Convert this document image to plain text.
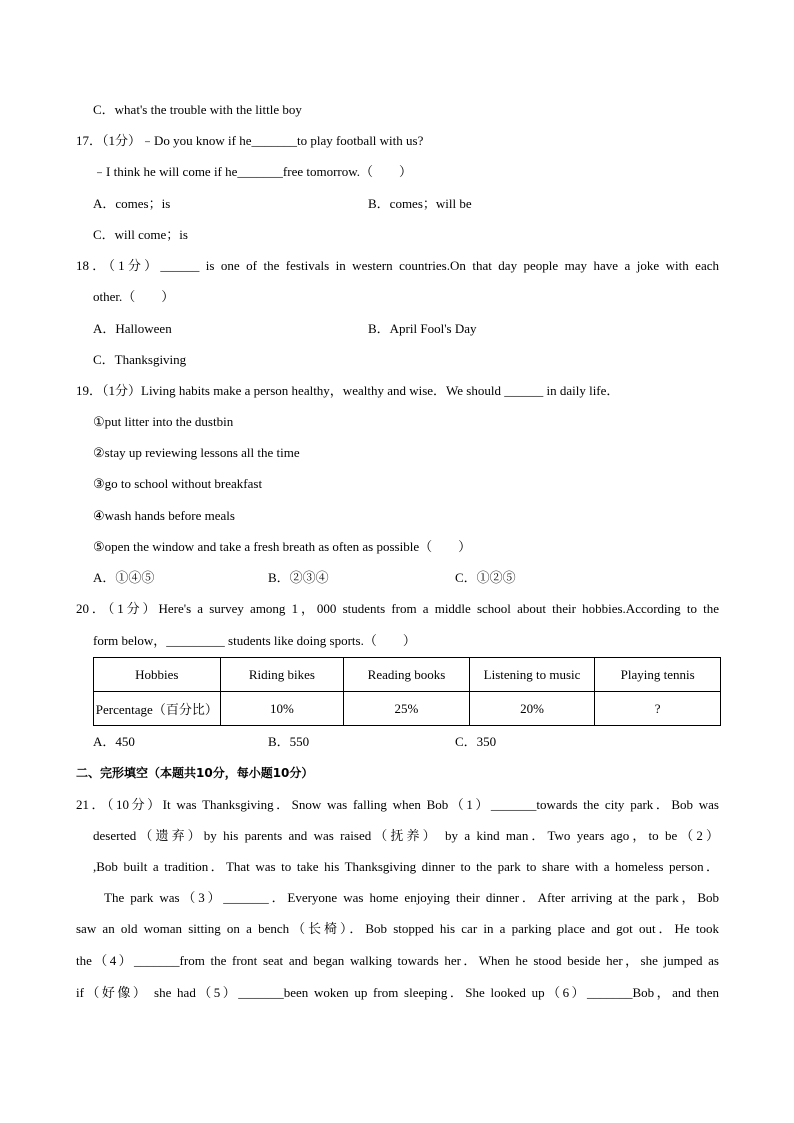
C．what's the trouble with the little boy
17．（1分）﹣Do you know if he_______to play football with us?
﹣I think he will come if he_______free tomorrow.（　　）
A．comes；is	B．comes；will be
C．will come；is
18．（1分）______ is one of the festivals in western countries.On that day people may have a joke with each
other.（　　）
A．Halloween	B．April Fool's Day
C．Thanksgiving
19．（1分）Living habits make a person healthy，wealthy and wise．We should ______ in daily life．
①put litter into the dustbin
②stay up reviewing lessons all the time
③go to school without breakfast
④wash hands before meals
⑤open the window and take a fresh breath as often as possible（　　）
A．①④⑤	B．②③④	C．①②⑤
20．（1分）Here's a survey among 1，000 students from a middle school about their hobbies.According to the
form below，_________ students like doing sports.（　　）
Hobbies	Riding bikes	Reading books	Listening to music	Playing tennis
Percentage（百分比）	10%	25%	20%	?
A．450	B．550	C．350
二、完形填空（本题共10分，每小题10分）
21．（10分）It was Thanksgiving．Snow was falling when Bob（1）_______towards the city park．Bob was
deserted（遗弃）by his parents and was raised（抚养） by a kind man．Two years ago，to be（2）
,Bob built a tradition．That was to take his Thanksgiving dinner to the park to share with a homeless person．
The park was（3）_______．Everyone was home enjoying their dinner．After arriving at the park，Bob
saw an old woman sitting on a bench（长椅）．Bob stopped his car in a parking place and got out．He took
the（4）_______from the front seat and began walking towards her．When he stood beside her，she jumped as
if（好像） she had（5）_______been woken up from sleeping．She looked up（6）_______Bob，and then
